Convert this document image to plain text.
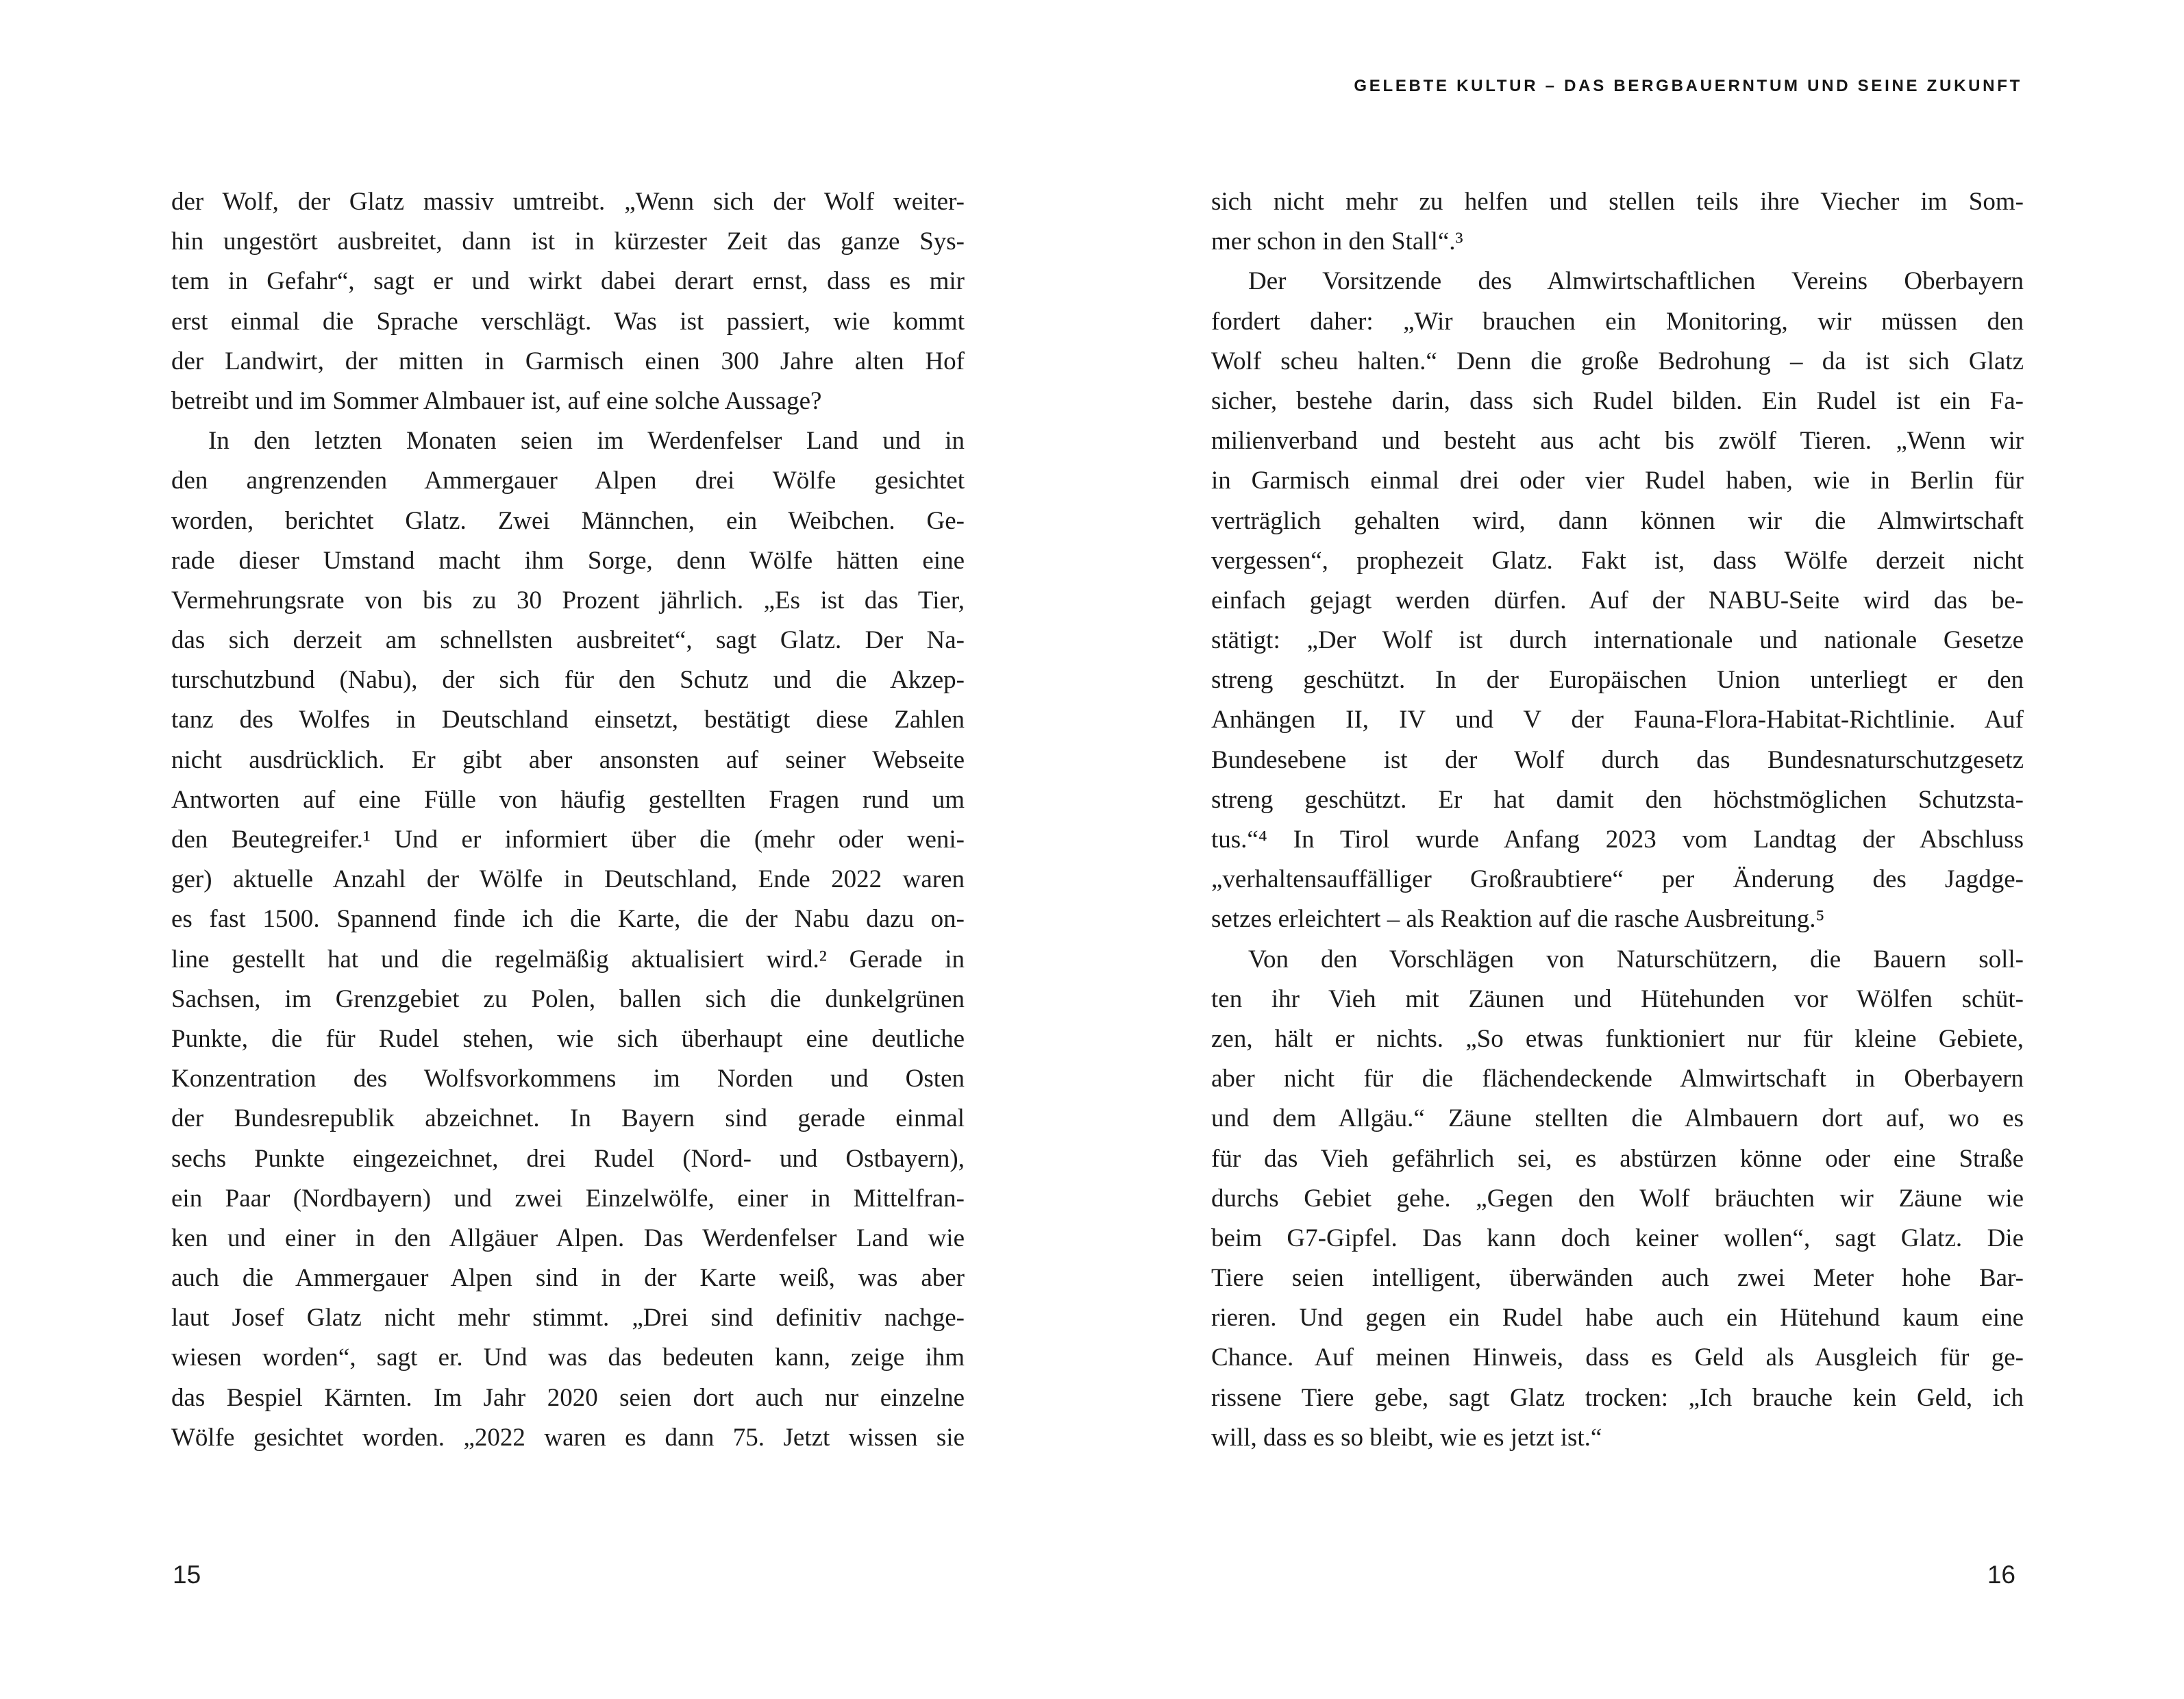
GELEBTE KULTUR – DAS BERGBAUERNTUM UND SEINE ZUKUNFT
der Wolf, der Glatz massiv umtreibt. „Wenn sich der Wolf weiter-
hin ungestört ausbreitet, dann ist in kürzester Zeit das ganze Sys-
tem in Gefahr“, sagt er und wirkt dabei derart ernst, dass es mir
erst einmal die Sprache verschlägt. Was ist passiert, wie kommt
der Landwirt, der mitten in Garmisch einen 300 Jahre alten Hof
betreibt und im Sommer Almbauer ist, auf eine solche Aussage?
In den letzten Monaten seien im Werdenfelser Land und in
den angrenzenden Ammergauer Alpen drei Wölfe gesichtet
worden, berichtet Glatz. Zwei Männchen, ein Weibchen. Ge-
rade dieser Umstand macht ihm Sorge, denn Wölfe hätten eine
Vermehrungsrate von bis zu 30 Prozent jährlich. „Es ist das Tier,
das sich derzeit am schnellsten ausbreitet“, sagt Glatz. Der Na-
turschutzbund (Nabu), der sich für den Schutz und die Akzep-
tanz des Wolfes in Deutschland einsetzt, bestätigt diese Zahlen
nicht ausdrücklich. Er gibt aber ansonsten auf seiner Webseite
Antworten auf eine Fülle von häufig gestellten Fragen rund um
den Beutegreifer.¹ Und er informiert über die (mehr oder weni-
ger) aktuelle Anzahl der Wölfe in Deutschland, Ende 2022 waren
es fast 1500. Spannend finde ich die Karte, die der Nabu dazu on-
line gestellt hat und die regelmäßig aktualisiert wird.² Gerade in
Sachsen, im Grenzgebiet zu Polen, ballen sich die dunkelgrünen
Punkte, die für Rudel stehen, wie sich überhaupt eine deutliche
Konzentration des Wolfsvorkommens im Norden und Osten
der Bundesrepublik abzeichnet. In Bayern sind gerade einmal
sechs Punkte eingezeichnet, drei Rudel (Nord- und Ostbayern),
ein Paar (Nordbayern) und zwei Einzelwölfe, einer in Mittelfran-
ken und einer in den Allgäuer Alpen. Das Werdenfelser Land wie
auch die Ammergauer Alpen sind in der Karte weiß, was aber
laut Josef Glatz nicht mehr stimmt. „Drei sind definitiv nachge-
wiesen worden“, sagt er. Und was das bedeuten kann, zeige ihm
das Bespiel Kärnten. Im Jahr 2020 seien dort auch nur einzelne
Wölfe gesichtet worden. „2022 waren es dann 75. Jetzt wissen sie
sich nicht mehr zu helfen und stellen teils ihre Viecher im Som-
mer schon in den Stall“.³
Der Vorsitzende des Almwirtschaftlichen Vereins Oberbayern
fordert daher: „Wir brauchen ein Monitoring, wir müssen den
Wolf scheu halten.“ Denn die große Bedrohung – da ist sich Glatz
sicher, bestehe darin, dass sich Rudel bilden. Ein Rudel ist ein Fa-
milienverband und besteht aus acht bis zwölf Tieren. „Wenn wir
in Garmisch einmal drei oder vier Rudel haben, wie in Berlin für
verträglich gehalten wird, dann können wir die Almwirtschaft
vergessen“, prophezeit Glatz. Fakt ist, dass Wölfe derzeit nicht
einfach gejagt werden dürfen. Auf der NABU-Seite wird das be-
stätigt: „Der Wolf ist durch internationale und nationale Gesetze
streng geschützt. In der Europäischen Union unterliegt er den
Anhängen II, IV und V der Fauna-Flora-Habitat-Richtlinie. Auf
Bundesebene ist der Wolf durch das Bundesnaturschutzgesetz
streng geschützt. Er hat damit den höchstmöglichen Schutzsta-
tus.“⁴ In Tirol wurde Anfang 2023 vom Landtag der Abschluss
„verhaltensauffälliger Großraubtiere“ per Änderung des Jagdge-
setzes erleichtert – als Reaktion auf die rasche Ausbreitung.⁵
Von den Vorschlägen von Naturschützern, die Bauern soll-
ten ihr Vieh mit Zäunen und Hütehunden vor Wölfen schüt-
zen, hält er nichts. „So etwas funktioniert nur für kleine Gebiete,
aber nicht für die flächendeckende Almwirtschaft in Oberbayern
und dem Allgäu.“ Zäune stellten die Almbauern dort auf, wo es
für das Vieh gefährlich sei, es abstürzen könne oder eine Straße
durchs Gebiet gehe. „Gegen den Wolf bräuchten wir Zäune wie
beim G7-Gipfel. Das kann doch keiner wollen“, sagt Glatz. Die
Tiere seien intelligent, überwänden auch zwei Meter hohe Bar-
rieren. Und gegen ein Rudel habe auch ein Hütehund kaum eine
Chance. Auf meinen Hinweis, dass es Geld als Ausgleich für ge-
rissene Tiere gebe, sagt Glatz trocken: „Ich brauche kein Geld, ich
will, dass es so bleibt, wie es jetzt ist.“
15	16
